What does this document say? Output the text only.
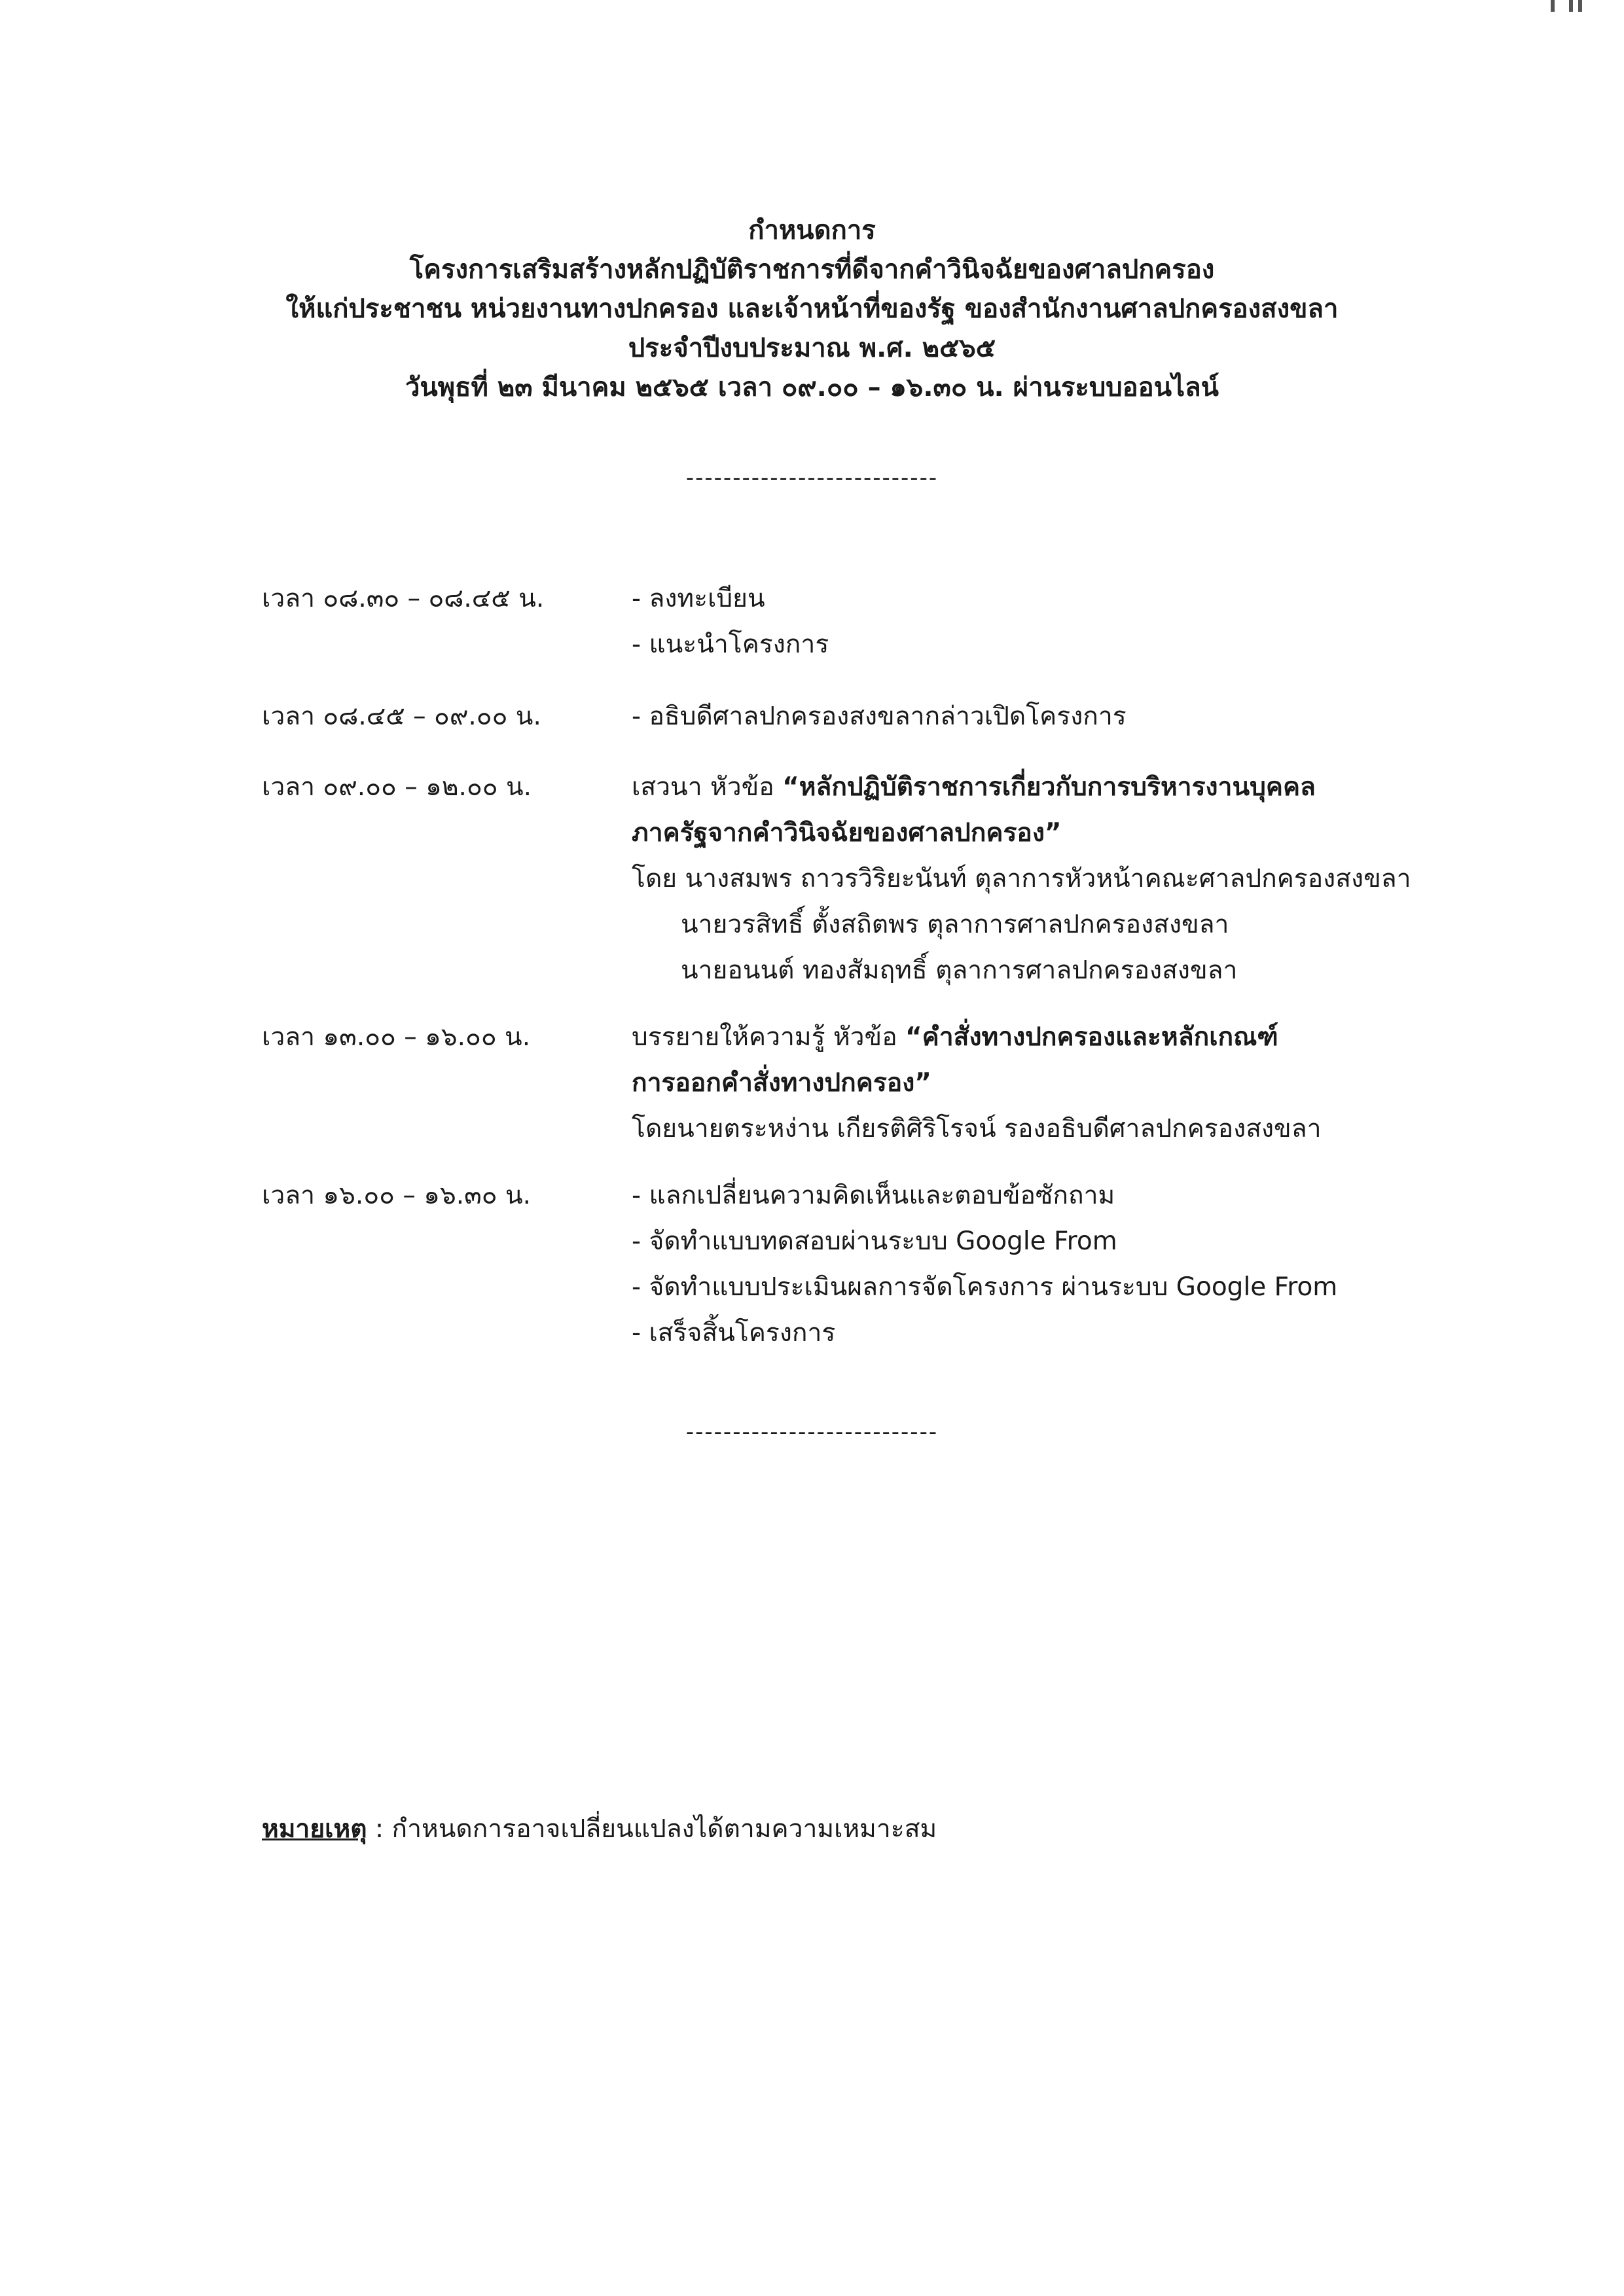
กำหนดการ
โครงการเสริมสร้างหลักปฏิบัติราชการที่ดีจากคำวินิจฉัยของศาลปกครอง
ให้แก่ประชาชน หน่วยงานทางปกครอง และเจ้าหน้าที่ของรัฐ ของสำนักงานศาลปกครองสงขลา
ประจำปีงบประมาณ พ.ศ. ๒๕๖๕
วันพุธที่ ๒๓ มีนาคม ๒๕๖๕ เวลา ๐๙.๐๐ – ๑๖.๓๐ น. ผ่านระบบออนไลน์
---------------------------
เวลา ๐๘.๓๐ – ๐๘.๔๕ น.	- ลงทะเบียน
- แนะนำโครงการ
เวลา ๐๘.๔๕ – ๐๙.๐๐ น.	- อธิบดีศาลปกครองสงขลากล่าวเปิดโครงการ
เวลา ๐๙.๐๐ – ๑๒.๐๐ น.	เสวนา หัวข้อ “หลักปฏิบัติราชการเกี่ยวกับการบริหารงานบุคคล
ภาครัฐจากคำวินิจฉัยของศาลปกครอง”
โดย นางสมพร ถาวรวิริยะนันท์ ตุลาการหัวหน้าคณะศาลปกครองสงขลา
นายวรสิทธิ์ ตั้งสถิตพร ตุลาการศาลปกครองสงขลา
นายอนนต์ ทองสัมฤทธิ์ ตุลาการศาลปกครองสงขลา
เวลา ๑๓.๐๐ – ๑๖.๐๐ น.	บรรยายให้ความรู้ หัวข้อ “คำสั่งทางปกครองและหลักเกณฑ์
การออกคำสั่งทางปกครอง”
โดยนายตระหง่าน เกียรติศิริโรจน์ รองอธิบดีศาลปกครองสงขลา
เวลา ๑๖.๐๐ – ๑๖.๓๐ น.	- แลกเปลี่ยนความคิดเห็นและตอบข้อซักถาม
- จัดทำแบบทดสอบผ่านระบบ Google From
- จัดทำแบบประเมินผลการจัดโครงการ ผ่านระบบ Google From
- เสร็จสิ้นโครงการ
---------------------------
หมายเหตุ : กำหนดการอาจเปลี่ยนแปลงได้ตามความเหมาะสม
